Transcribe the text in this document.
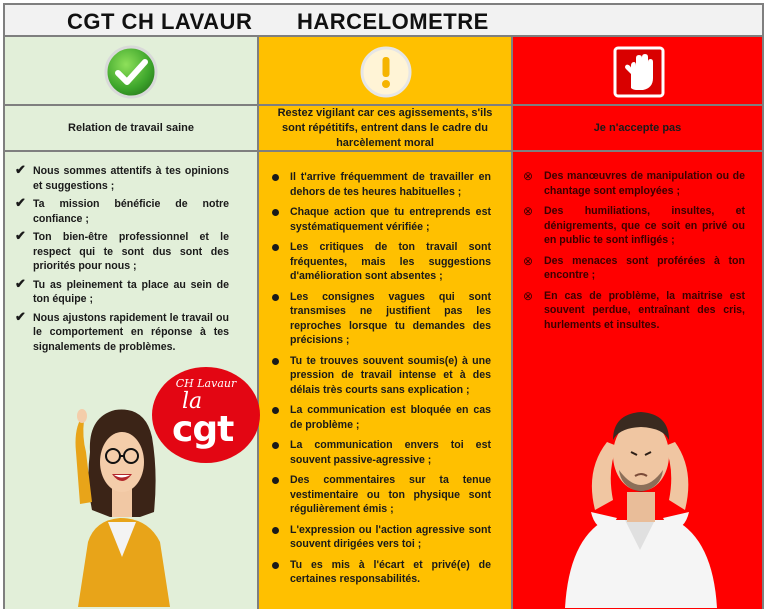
CGT CH LAVAUR HARCELOMETRE
Relation de travail saine
Restez vigilant car ces agissements, s'ils sont répétitifs, entrent dans le cadre du harcèlement moral
Je n'accepte pas
✔ Nous sommes attentifs à tes opinions et suggestions ;
✔ Ta mission bénéficie de notre confiance ;
✔ Ton bien-être professionnel et le respect qui te sont dus sont des priorités pour nous ;
✔ Tu as pleinement ta place au sein de ton équipe ;
✔ Nous ajustons rapidement le travail ou le comportement en réponse à tes signalements de problèmes.
CH Lavaur
la
cgt
Il t'arrive fréquemment de travailler en dehors de tes heures habituelles ;
Chaque action que tu entreprends est systématiquement vérifiée ;
Les critiques de ton travail sont fréquentes, mais les suggestions d'amélioration sont absentes ;
Les consignes vagues qui sont transmises ne justifient pas les reproches lorsque tu demandes des précisions ;
Tu te trouves souvent soumis(e) à une pression de travail intense et à des délais très courts sans explication ;
La communication est bloquée en cas de problème ;
La communication envers toi est souvent passive-agressive ;
Des commentaires sur ta tenue vestimentaire ou ton physique sont régulièrement émis ;
L'expression ou l'action agressive sont souvent dirigées vers toi ;
Tu es mis à l'écart et privé(e) de certaines responsabilités.
⊗ Des manœuvres de manipulation ou de chantage sont employées ;
⊗ Des humiliations, insultes, et dénigrements, que ce soit en privé ou en public te sont infligés ;
⊗ Des menaces sont proférées à ton encontre ;
⊗ En cas de problème, la maitrise est souvent perdue, entraînant des cris, hurlements et insultes.
